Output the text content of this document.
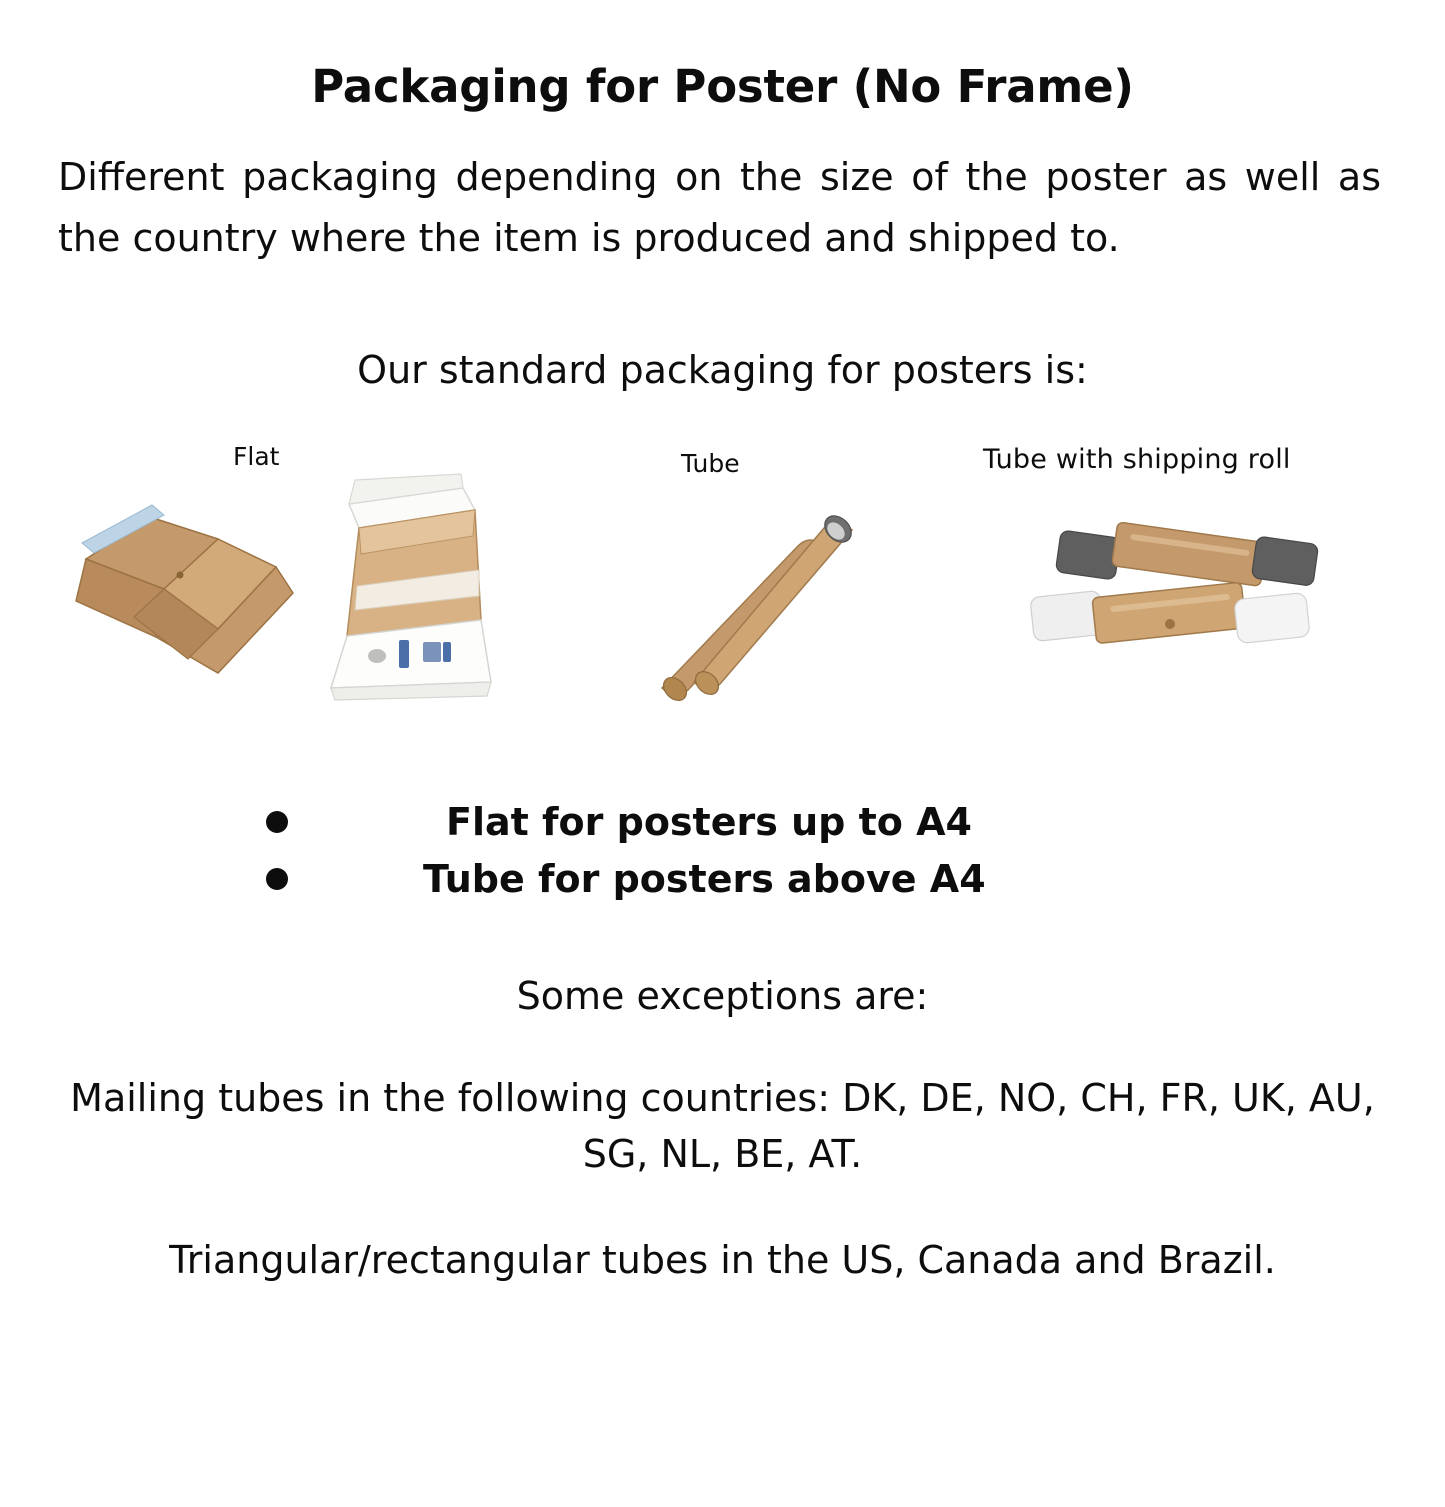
Packaging for Poster (No Frame)
Different packaging depending on the size of the poster as well as the country where the item is produced and shipped to.
Our standard packaging for posters is:
Flat	Tube	Tube with shipping roll
Flat for posters up to A4
Tube for posters above A4
Some exceptions are:
Mailing tubes in the following countries: DK, DE, NO, CH, FR, UK, AU, SG, NL, BE, AT.
Triangular/rectangular tubes in the US, Canada and Brazil.
